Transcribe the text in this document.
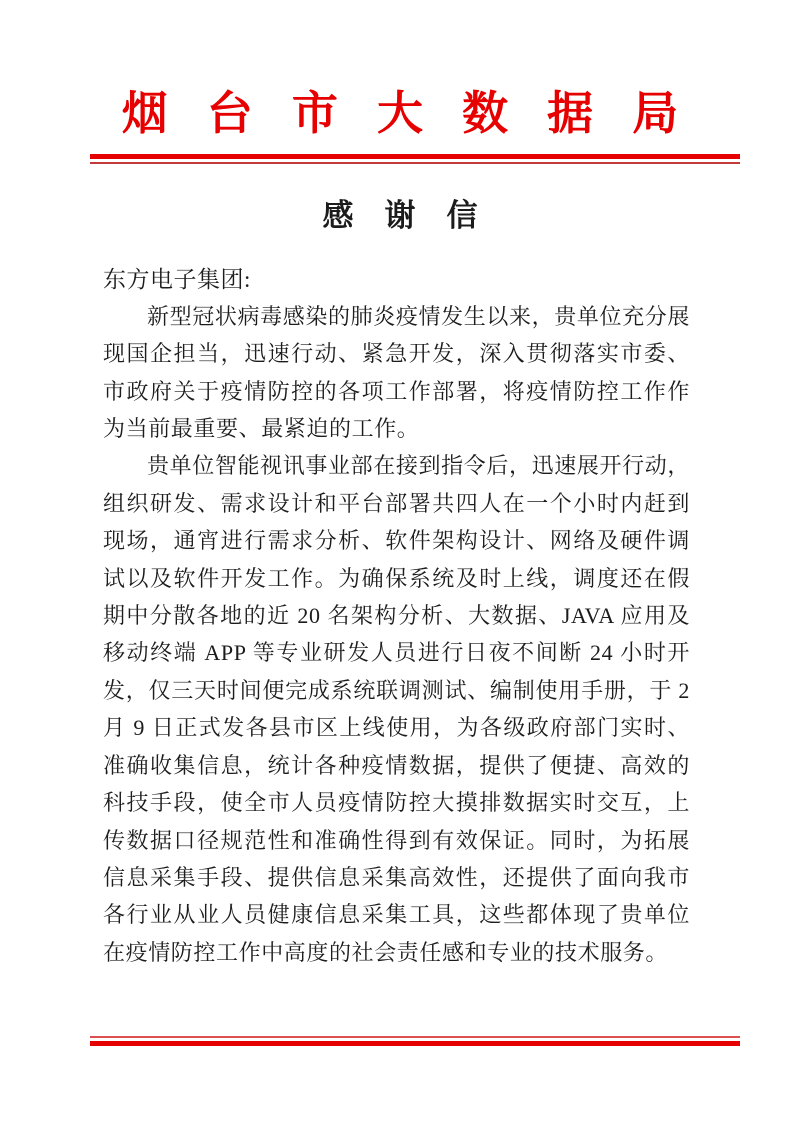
烟台市大数据局
感谢信

东方电子集团:

新型冠状病毒感染的肺炎疫情发生以来，贵单位充分展现国企担当，迅速行动、紧急开发，深入贯彻落实市委、市政府关于疫情防控的各项工作部署，将疫情防控工作作为当前最重要、最紧迫的工作。

贵单位智能视讯事业部在接到指令后，迅速展开行动，组织研发、需求设计和平台部署共四人在一个小时内赶到现场，通宵进行需求分析、软件架构设计、网络及硬件调试以及软件开发工作。为确保系统及时上线，调度还在假期中分散各地的近 20 名架构分析、大数据、JAVA 应用及移动终端 APP 等专业研发人员进行日夜不间断 24 小时开发，仅三天时间便完成系统联调测试、编制使用手册，于 2 月 9 日正式发各县市区上线使用，为各级政府部门实时、准确收集信息，统计各种疫情数据，提供了便捷、高效的科技手段，使全市人员疫情防控大摸排数据实时交互，上传数据口径规范性和准确性得到有效保证。同时，为拓展信息采集手段、提供信息采集高效性，还提供了面向我市各行业从业人员健康信息采集工具，这些都体现了贵单位在疫情防控工作中高度的社会责任感和专业的技术服务。
